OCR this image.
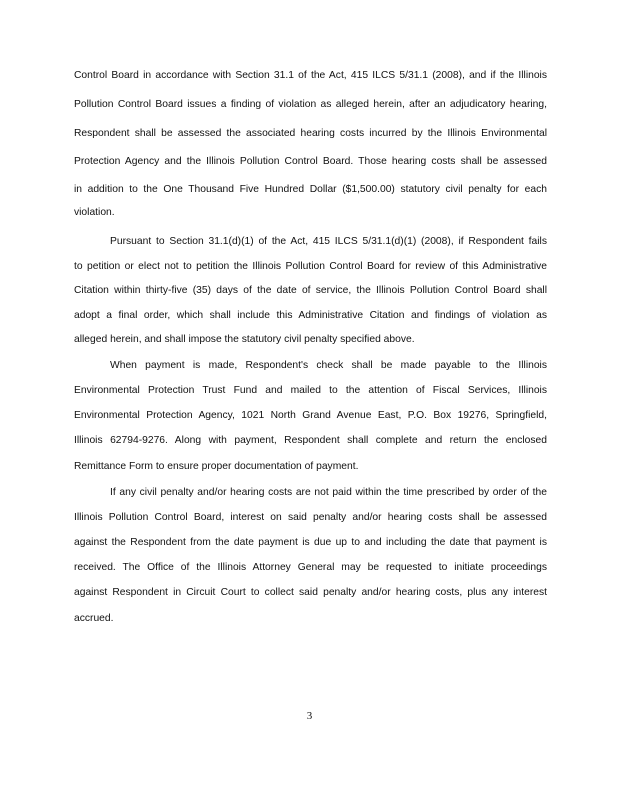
Control Board in accordance with Section 31.1 of the Act, 415 ILCS 5/31.1 (2008), and if the Illinois
Pollution Control Board issues a finding of violation as alleged herein, after an adjudicatory hearing,
Respondent shall be assessed the associated hearing costs incurred by the Illinois Environmental
Protection Agency and the Illinois Pollution Control Board. Those hearing costs shall be assessed
in addition to the One Thousand Five Hundred Dollar ($1,500.00) statutory civil penalty for each
violation.
Pursuant to Section 31.1(d)(1) of the Act, 415 ILCS 5/31.1(d)(1) (2008), if Respondent fails
to petition or elect not to petition the Illinois Pollution Control Board for review of this Administrative
Citation within thirty-five (35) days of the date of service, the Illinois Pollution Control Board shall
adopt a final order, which shall include this Administrative Citation and findings of violation as
alleged herein, and shall impose the statutory civil penalty specified above.
When payment is made, Respondent's check shall be made payable to the Illinois
Environmental Protection Trust Fund and mailed to the attention of Fiscal Services, Illinois
Environmental Protection Agency, 1021 North Grand Avenue East, P.O. Box 19276, Springfield,
Illinois 62794-9276. Along with payment, Respondent shall complete and return the enclosed
Remittance Form to ensure proper documentation of payment.
If any civil penalty and/or hearing costs are not paid within the time prescribed by order of the
Illinois Pollution Control Board, interest on said penalty and/or hearing costs shall be assessed
against the Respondent from the date payment is due up to and including the date that payment is
received. The Office of the Illinois Attorney General may be requested to initiate proceedings
against Respondent in Circuit Court to collect said penalty and/or hearing costs, plus any interest
accrued.
3
